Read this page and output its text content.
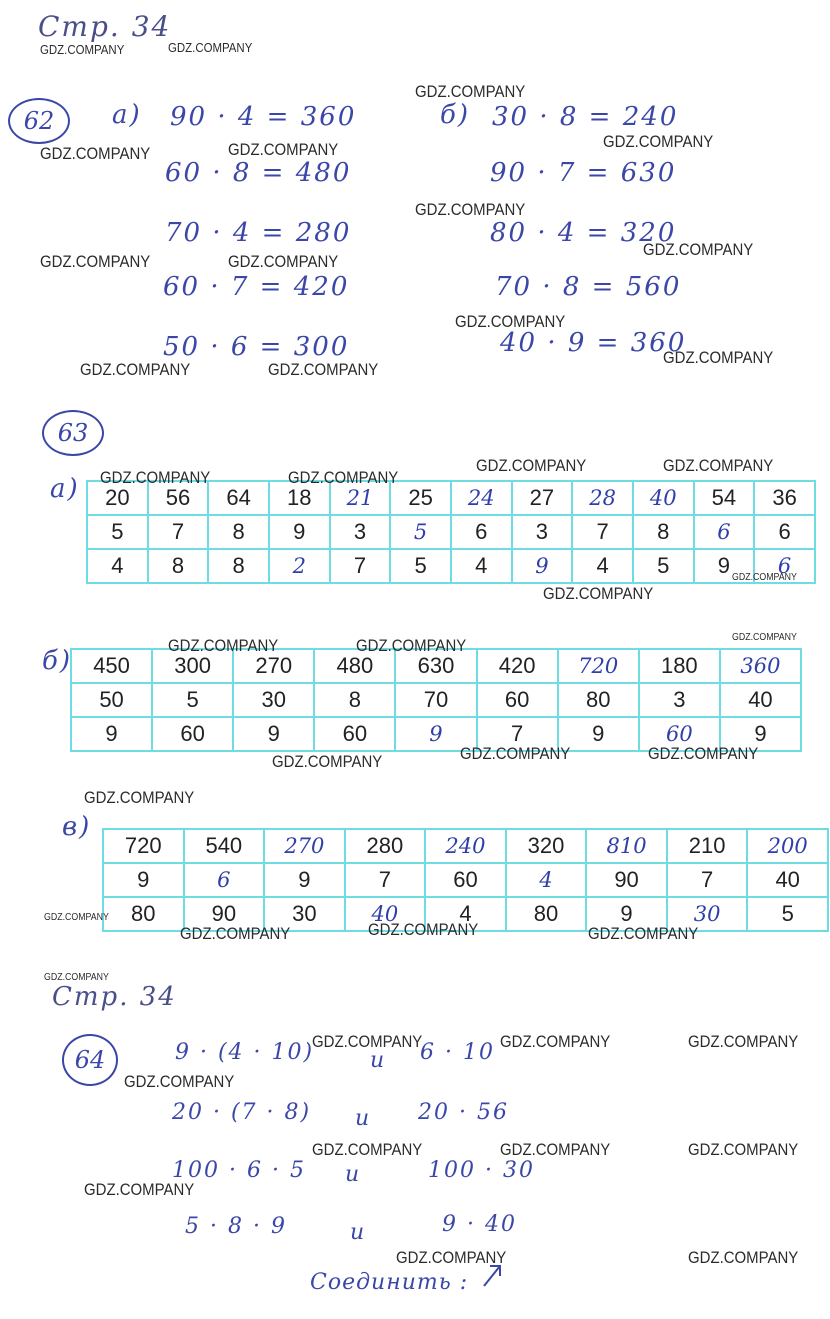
Стр. 34
62	а)	б)
90 · 4 = 360
60 · 8 = 480
70 · 4 = 280
60 · 7 = 420
50 · 6 = 300
30 · 8 = 240
90 · 7 = 630
80 · 4 = 320
70 · 8 = 560
40 · 9 = 360
63
а) 20	56	64	18	21	25	24	27	28	40	54	36
5	7	8	9	3	5	6	3	7	8	6	6
4	8	8	2	7	5	4	9	4	5	9	6
б) 450	300	270	480	630	420	720	180	360
50	5	30	8	70	60	80	3	40
9	60	9	60	9	7	9	60	9
в)
720	540	270	280	240	320	810	210	200
9	6	9	7	60	4	90	7	40
80	90	30	40	4	80	9	30	5
Стр. 34
64	9 · (4 · 10)	и 6 · 10
20 · (7 · 8) и 20 · 56
100 · 6 · 5 и	100 · 30
5 · 8 · 9	и	9 · 40
Соединить :
GDZ.COMPANY	GDZ.COMPANY
GDZ.COMPANY
GDZ.COMPANY	GDZ.COMPANY	GDZ.COMPANY
GDZ.COMPANY
GDZ.COMPANY
GDZ.COMPANY	GDZ.COMPANY
GDZ.COMPANY
GDZ.COMPANY
GDZ.COMPANY	GDZ.COMPANY
GDZ.COMPANY	GDZ.COMPANY
GDZ.COMPANY	GDZ.COMPANY
GDZ.COMPANY
GDZ.COMPANY
GDZ.COMPANY
GDZ.COMPANY	GDZ.COMPANY
GDZ.COMPANY	GDZ.COMPANY
GDZ.COMPANY
GDZ.COMPANY
GDZ.COMPANY
GDZ.COMPANY	GDZ.COMPANY	GDZ.COMPANY
GDZ.COMPANY
GDZ.COMPANY	GDZ.COMPANY	GDZ.COMPANY
GDZ.COMPANY
GDZ.COMPANY	GDZ.COMPANY	GDZ.COMPANY
GDZ.COMPANY
GDZ.COMPANY	GDZ.COMPANY
